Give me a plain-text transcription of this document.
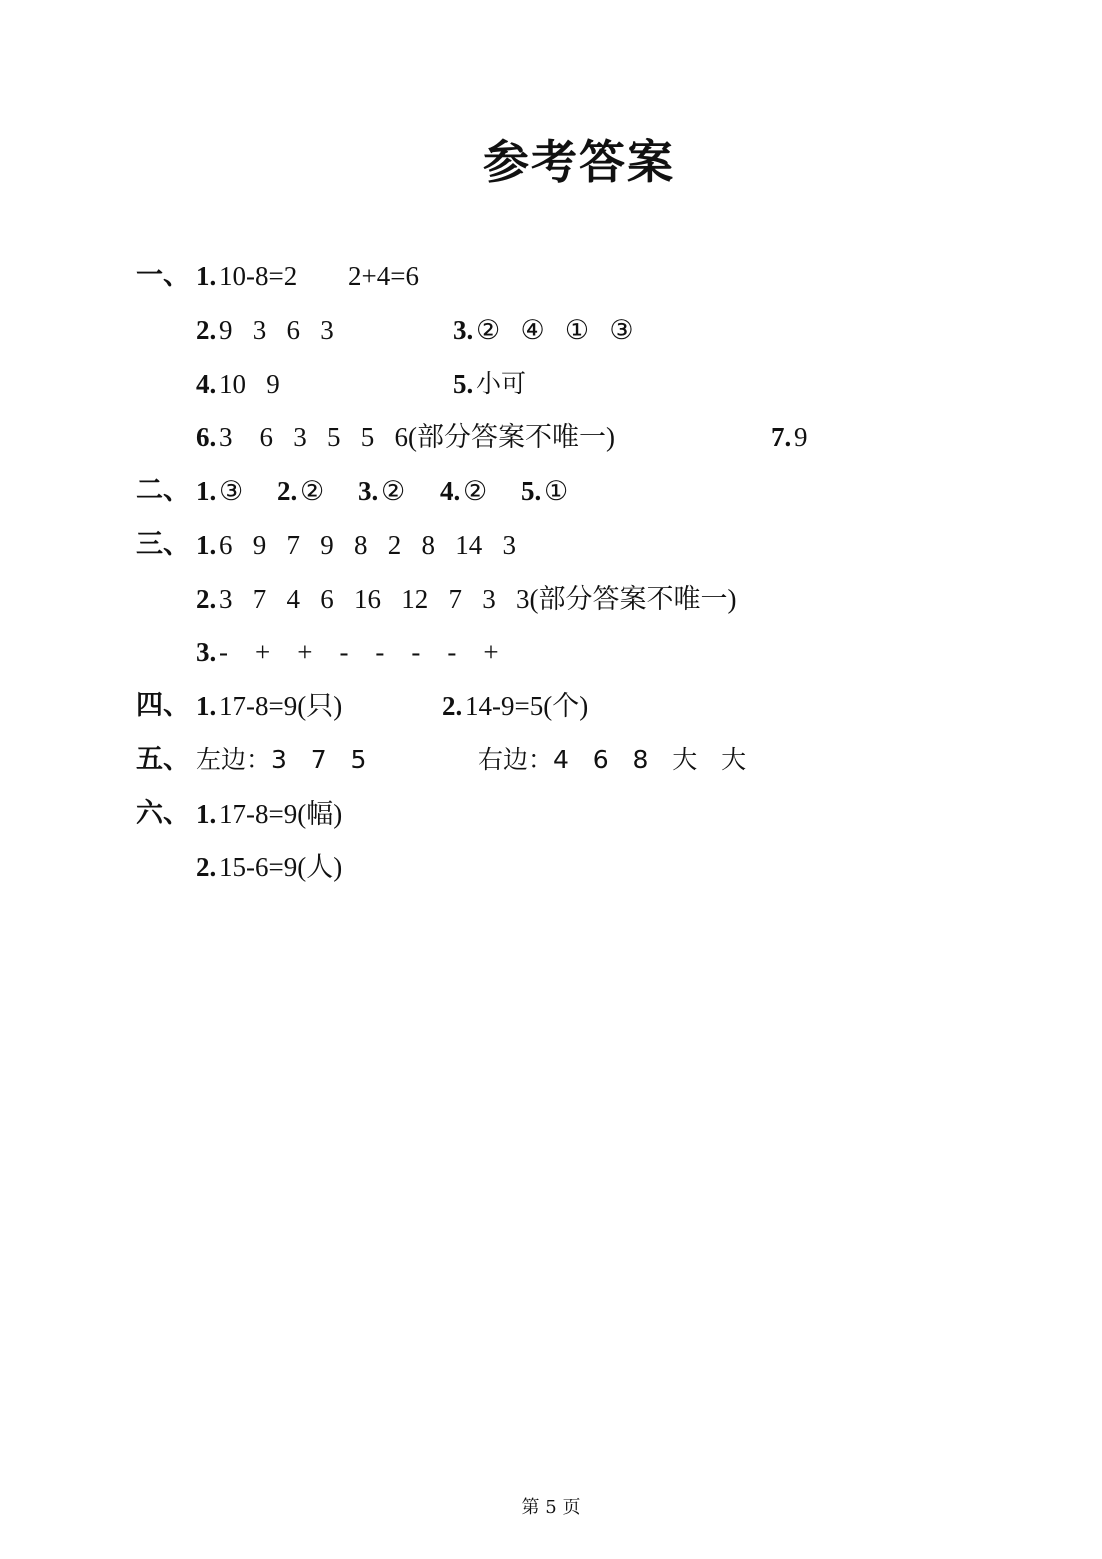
参考答案
一、 1. 10-8=2 2+4=6
2. 9   3   6   3	3. ②   ④   ①   ③
4. 10   9	5. 小可
6. 3    6   3   5   5   6(部分答案不唯一)	7. 9
二、 1. ③ 2. ② 3. ② 4. ② 5. ①
三、 1. 6   9   7   9   8   2   8   14   3
2. 3   7   4   6   16   12   7   3   3(部分答案不唯一)
3. -    +    +    -    -    -    -    +
四、 1. 17-8=9(只)	2. 14-9=5(个)
五、 左边：3   7   5	右边：4   6   8   大   大
六、 1. 17-8=9(幅)
2. 15-6=9(人)
第 5 页
